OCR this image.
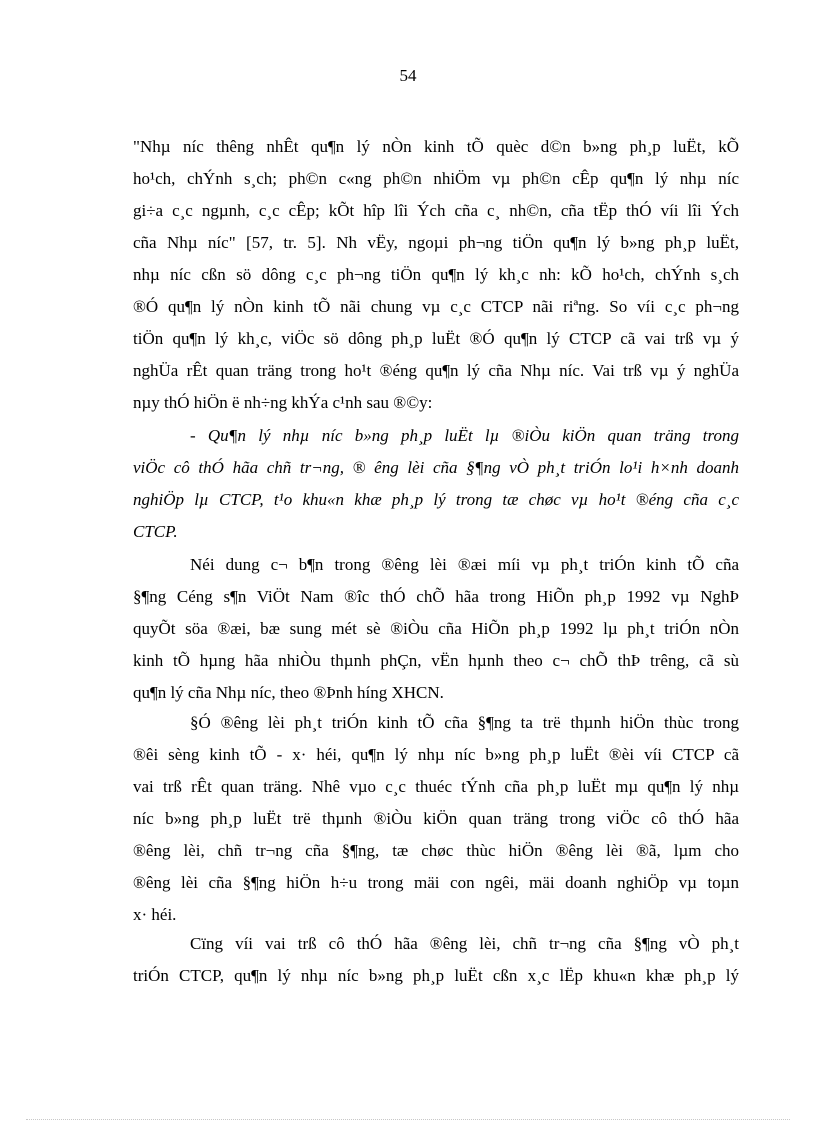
54

"Nhµ níc thêng nhÊt qu¶n lý nÒn kinh tÕ quèc d©n b»ng ph¸p luËt, kÕ

ho¹ch, chÝnh s¸ch; ph©n c«ng ph©n nhiÖm vµ ph©n cÊp qu¶n lý nhµ níc

gi÷a c¸c ngµnh, c¸c cÊp; kÕt hîp lîi Ých cña c¸ nh©n, cña tËp thÓ víi lîi Ých

cña Nhµ níc" [57, tr. 5]. Nh vËy, ngoµi ph¬ng tiÖn qu¶n lý b»ng ph¸p luËt,

nhµ níc cßn sö dông c¸c ph¬ng tiÖn qu¶n lý kh¸c nh: kÕ ho¹ch, chÝnh s¸ch

®Ó qu¶n lý nÒn kinh tÕ nãi chung vµ c¸c CTCP nãi riªng. So víi c¸c ph¬ng

tiÖn qu¶n lý kh¸c, viÖc sö dông ph¸p luËt ®Ó qu¶n lý CTCP cã vai trß vµ ý

nghÜa rÊt quan träng trong ho¹t ®éng qu¶n lý cña Nhµ níc. Vai trß vµ ý nghÜa

nµy thÓ hiÖn ë nh÷ng khÝa c¹nh sau ®©y:

- Qu¶n lý nhµ níc b»ng ph¸p luËt lµ ®iÒu kiÖn quan träng trong

viÖc cô thÓ hãa chñ tr¬ng, ® êng lèi cña §¶ng vÒ ph¸t triÓn lo¹i h×nh doanh

nghiÖp lµ CTCP, t¹o khu«n khæ ph¸p lý trong tæ chøc vµ ho¹t ®éng cña c¸c

CTCP.

Néi dung c¬ b¶n trong ®êng lèi ®æi míi vµ ph¸t triÓn kinh tÕ cña

§¶ng Céng s¶n ViÖt Nam ®îc thÓ chÕ hãa trong HiÕn ph¸p 1992 vµ NghÞ

quyÕt söa ®æi, bæ sung mét sè ®iÒu cña HiÕn ph¸p 1992 lµ ph¸t triÓn nÒn

kinh tÕ hµng hãa nhiÒu thµnh phÇn, vËn hµnh theo c¬ chÕ thÞ trêng, cã sù

qu¶n lý cña Nhµ níc, theo ®Þnh híng XHCN.

§Ó ®êng lèi ph¸t triÓn kinh tÕ cña §¶ng ta trë thµnh hiÖn thùc trong

®êi sèng kinh tÕ - x· héi, qu¶n lý nhµ níc b»ng ph¸p luËt ®èi víi CTCP cã

vai trß rÊt quan träng. Nhê vµo c¸c thuéc tÝnh cña ph¸p luËt mµ qu¶n lý nhµ

níc b»ng ph¸p luËt trë thµnh ®iÒu kiÖn quan träng trong viÖc cô thÓ hãa

®êng lèi, chñ tr¬ng cña §¶ng, tæ chøc thùc hiÖn ®êng lèi ®ã, lµm cho

®êng lèi cña §¶ng hiÖn h÷u trong mäi con ngêi, mäi doanh nghiÖp vµ toµn

x· héi.

Cïng víi vai trß cô thÓ hãa ®êng lèi, chñ tr¬ng cña §¶ng vÒ ph¸t

triÓn CTCP, qu¶n lý nhµ níc b»ng ph¸p luËt cßn x¸c lËp khu«n khæ ph¸p lý
